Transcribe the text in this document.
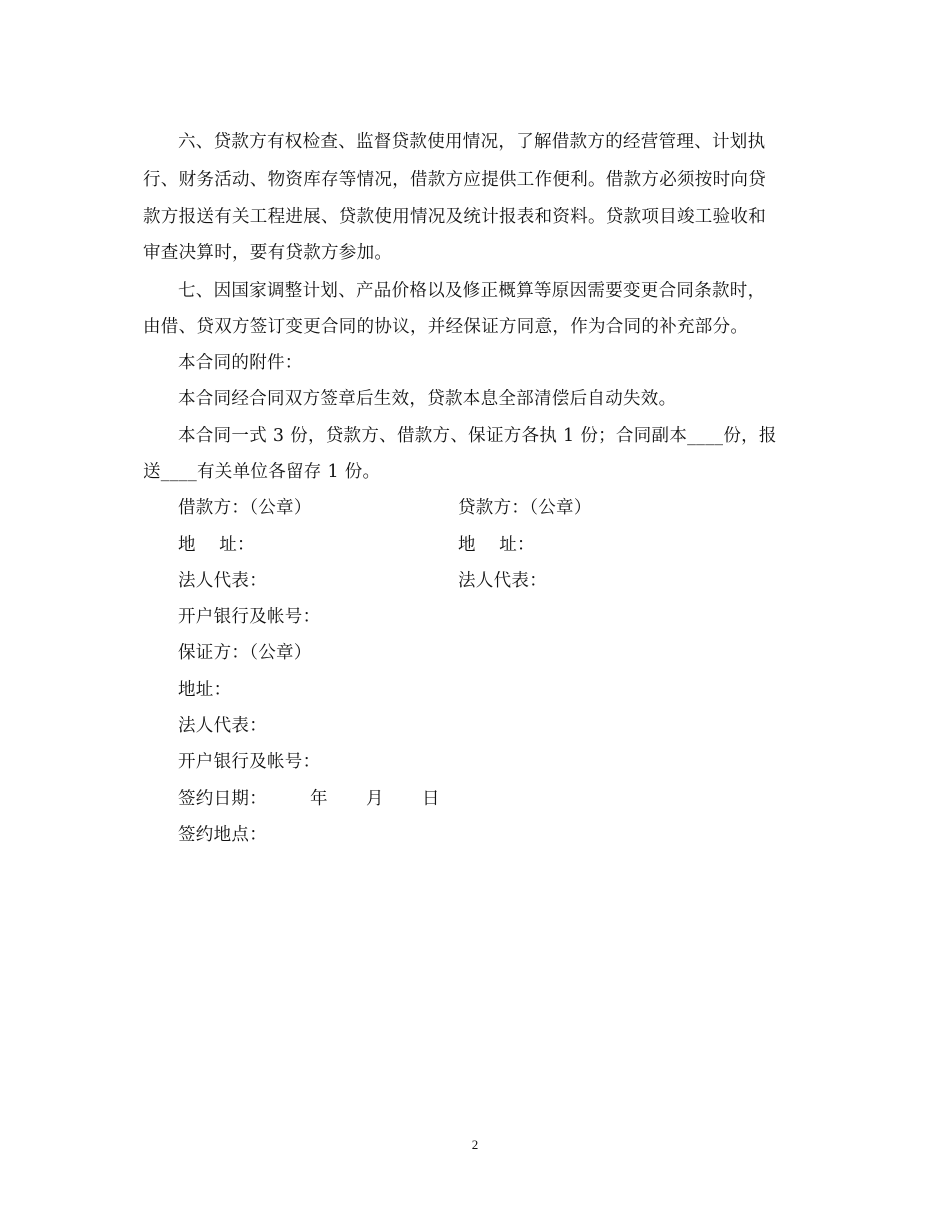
六、贷款方有权检查、监督贷款使用情况，了解借款方的经营管理、计划执
行、财务活动、物资库存等情况，借款方应提供工作便利。借款方必须按时向贷
款方报送有关工程进展、贷款使用情况及统计报表和资料。贷款项目竣工验收和
审查决算时，要有贷款方参加。
七、因国家调整计划、产品价格以及修正概算等原因需要变更合同条款时，
由借、贷双方签订变更合同的协议，并经保证方同意，作为合同的补充部分。
本合同的附件：
本合同经合同双方签章后生效，贷款本息全部清偿后自动失效。
本合同一式 3 份，贷款方、借款方、保证方各执 1 份；合同副本____份，报
送____有关单位各留存 1 份。
借款方：（公章）	贷款方：（公章）
地    址：	地    址：
法人代表：	法人代表：
开户银行及帐号：
保证方：（公章）
地址：
法人代表：
开户银行及帐号：
签约日期： 年 月 日
签约地点：
2
